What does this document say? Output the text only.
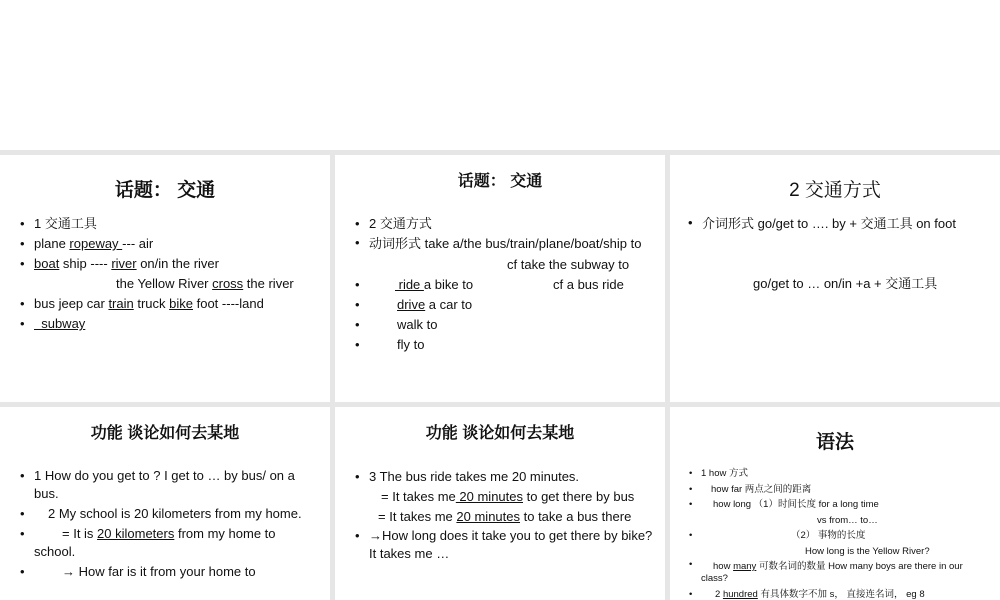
话题： 交通
• 1 交通工具
• plane ropeway --- air
• boat ship ---- river on/in the river
the Yellow River cross the river
• bus jeep car train truck bike foot ----land
•   subway
话题： 交通
• 2 交通方式
• 动词形式 take a/the bus/train/plane/boat/ship to
cf take the subway to
•  ride a bike to	cf a bus ride
• drive a car to
• walk to
• fly to
2 交通方式
• 介词形式 go/get to …. by + 交通工具 on foot
go/get to … on/in +a + 交通工具
功能 谈论如何去某地
• 1 How do you get to ? I get to … by bus/ on a bus.
• 2 My school is 20 kilometers from my home.
• = It is 20 kilometers from my home to school.
• → How far is it from your home to
功能 谈论如何去某地
• 3 The bus ride takes me 20 minutes.
= It takes me 20 minutes to get there by bus
= It takes me 20 minutes to take a bus there
• →How long does it take you to get there by bike? It takes me …
语法
• 1 how 方式
• how far 两点之间的距离
• how long （1）时间长度 for a long time
vs from… to…
• （2） 事物的长度
How long is the Yellow River?
• how many 可数名词的数量 How many boys are there in our class?
• 2 hundred 有具体数字不加 s， 直接连名词， eg 8
